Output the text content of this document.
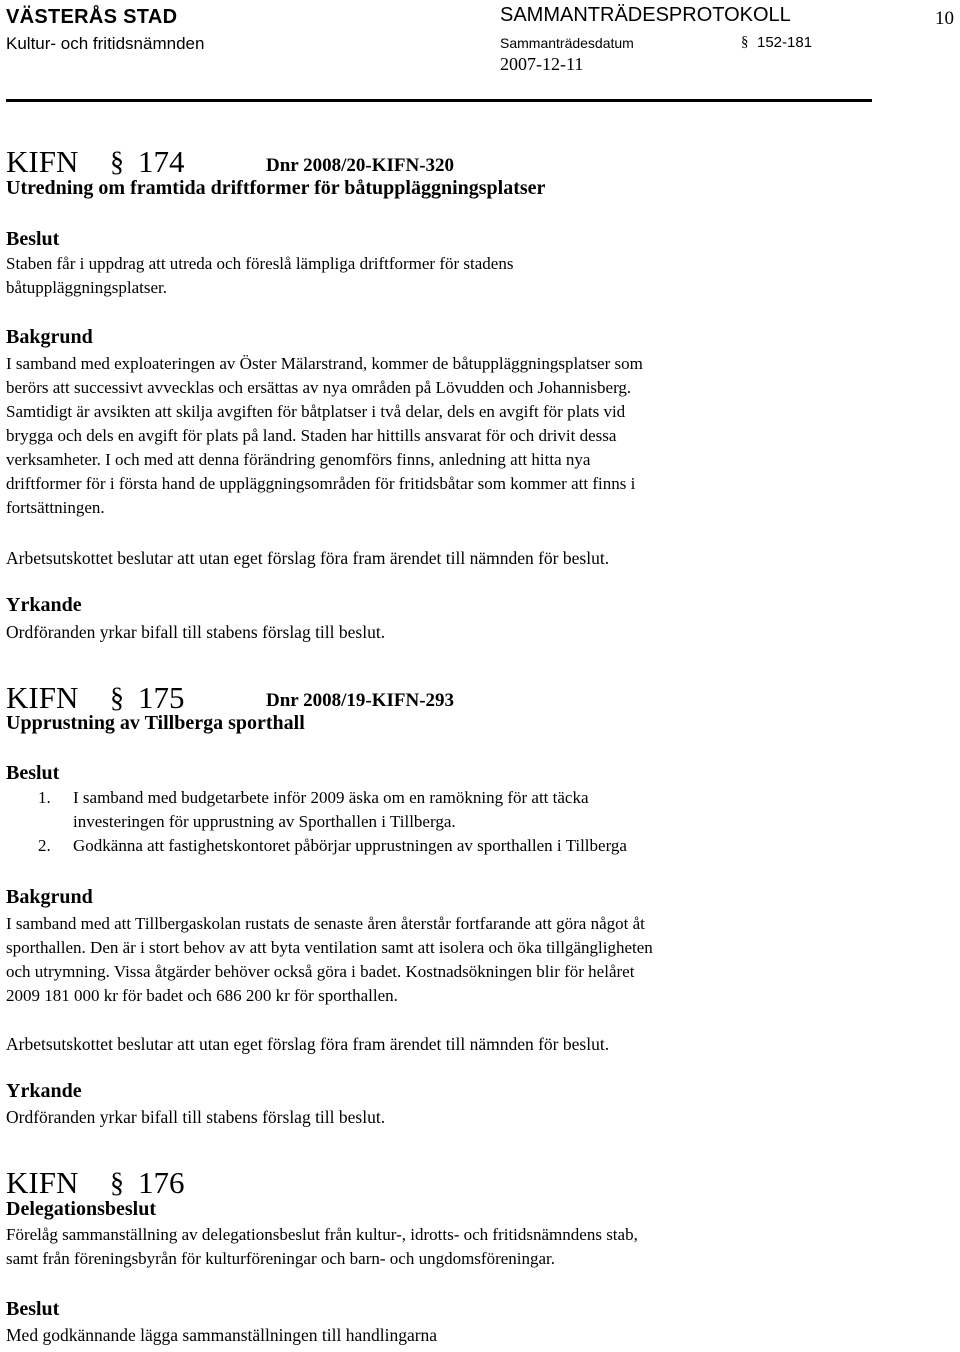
VÄSTERÅS STAD
Kultur- och fritidsnämnden
SAMMANTRÄDESPROTOKOLL
Sammanträdesdatum	§ 152-181
2007-12-11
10
KIFN § 174	Dnr 2008/20-KIFN-320
Utredning om framtida driftformer för båtuppläggningsplatser
Beslut
Staben får i uppdrag att utreda och föreslå lämpliga driftformer för stadens
båtuppläggningsplatser.
Bakgrund
I samband med exploateringen av Öster Mälarstrand, kommer de båtuppläggningsplatser som
berörs att successivt avvecklas och ersättas av nya områden på Lövudden och Johannisberg.
Samtidigt är avsikten att skilja avgiften för båtplatser i två delar, dels en avgift för plats vid
brygga och dels en avgift för plats på land. Staden har hittills ansvarat för och drivit dessa
verksamheter. I och med att denna förändring genomförs finns, anledning att hitta nya
driftformer för i första hand de uppläggningsområden för fritidsbåtar som kommer att finns i
fortsättningen.
Arbetsutskottet beslutar att utan eget förslag föra fram ärendet till nämnden för beslut.
Yrkande
Ordföranden yrkar bifall till stabens förslag till beslut.
KIFN § 175	Dnr 2008/19-KIFN-293
Upprustning av Tillberga sporthall
Beslut
1. I samband med budgetarbete inför 2009 äska om en ramökning för att täcka
investeringen för upprustning av Sporthallen i Tillberga.
2. Godkänna att fastighetskontoret påbörjar upprustningen av sporthallen i Tillberga
Bakgrund
I samband med att Tillbergaskolan rustats de senaste åren återstår fortfarande att göra något åt
sporthallen. Den är i stort behov av att byta ventilation samt att isolera och öka tillgängligheten
och utrymning. Vissa åtgärder behöver också göra i badet. Kostnadsökningen blir för helåret
2009 181 000 kr för badet och 686 200 kr för sporthallen.
Arbetsutskottet beslutar att utan eget förslag föra fram ärendet till nämnden för beslut.
Yrkande
Ordföranden yrkar bifall till stabens förslag till beslut.
KIFN § 176
Delegationsbeslut
Förelåg sammanställning av delegationsbeslut från kultur-, idrotts- och fritidsnämndens stab,
samt från föreningsbyrån för kulturföreningar och barn- och ungdomsföreningar.
Beslut
Med godkännande lägga sammanställningen till handlingarna
